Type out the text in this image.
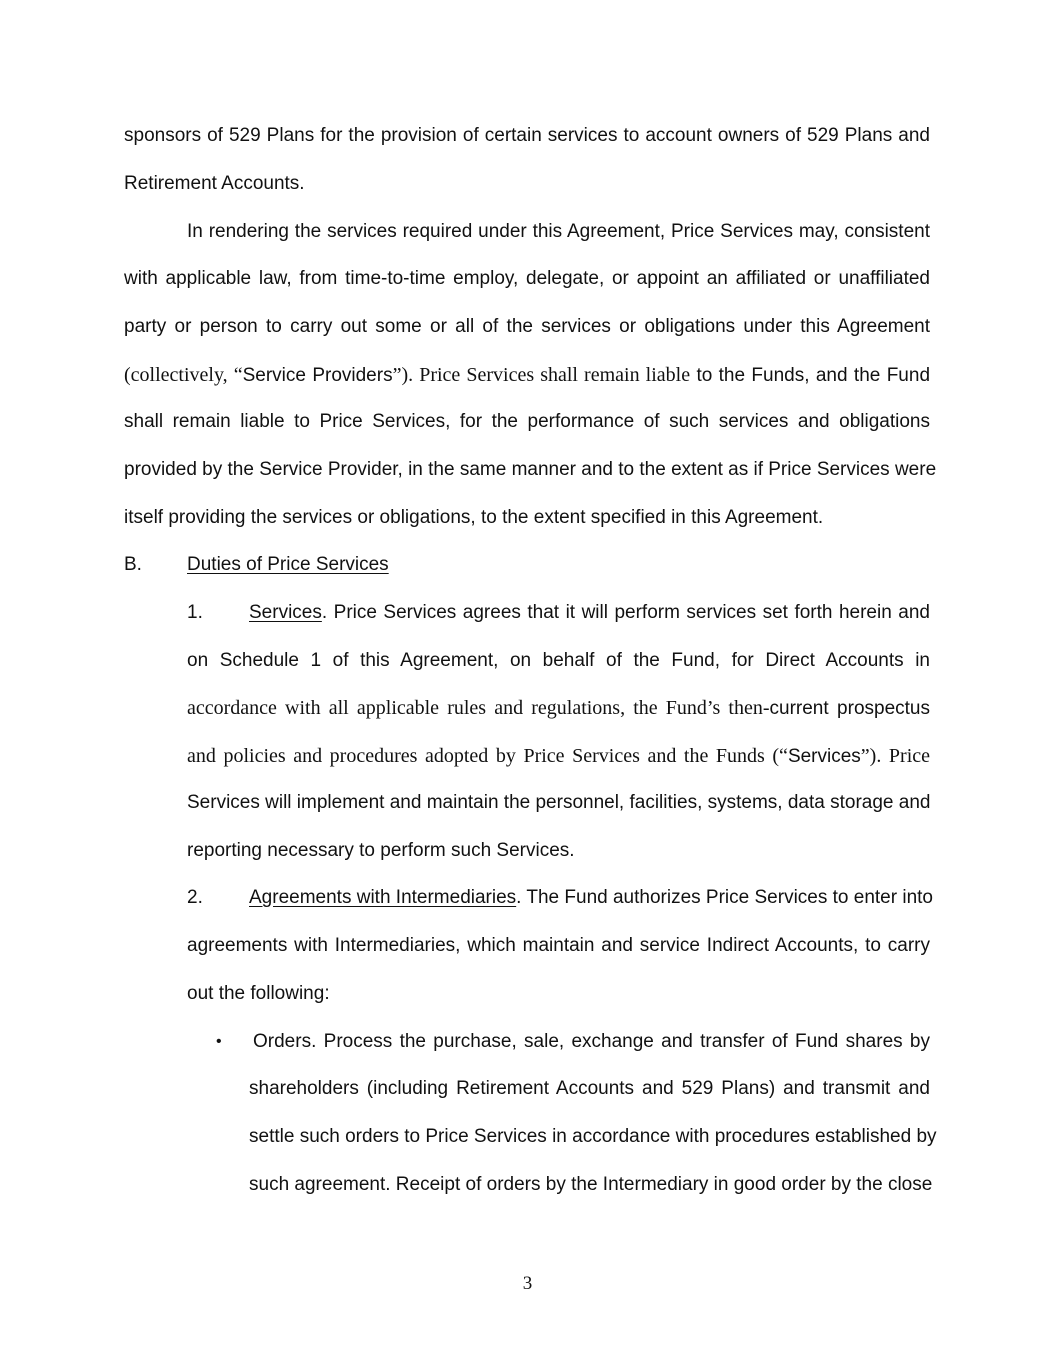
sponsors of 529 Plans for the provision of certain services to account owners of 529 Plans and
Retirement Accounts.
In rendering the services required under this Agreement, Price Services may, consistent
with applicable law, from time-to-time employ, delegate, or appoint an affiliated or unaffiliated
party or person to carry out some or all of the services or obligations under this Agreement
(collectively, “Service Providers”). Price Services shall remain liable to the Funds, and the Fund
shall remain liable to Price Services, for the performance of such services and obligations
provided by the Service Provider, in the same manner and to the extent as if Price Services were
itself providing the services or obligations, to the extent specified in this Agreement.
B. Duties of Price Services
1. Services. Price Services agrees that it will perform services set forth herein and
on Schedule 1 of this Agreement, on behalf of the Fund, for Direct Accounts in
accordance with all applicable rules and regulations, the Fund’s then-current prospectus
and policies and procedures adopted by Price Services and the Funds (“Services”). Price
Services will implement and maintain the personnel, facilities, systems, data storage and
reporting necessary to perform such Services.
2. Agreements with Intermediaries. The Fund authorizes Price Services to enter into
agreements with Intermediaries, which maintain and service Indirect Accounts, to carry
out the following:
• Orders. Process the purchase, sale, exchange and transfer of Fund shares by
shareholders (including Retirement Accounts and 529 Plans) and transmit and
settle such orders to Price Services in accordance with procedures established by
such agreement. Receipt of orders by the Intermediary in good order by the close
3
